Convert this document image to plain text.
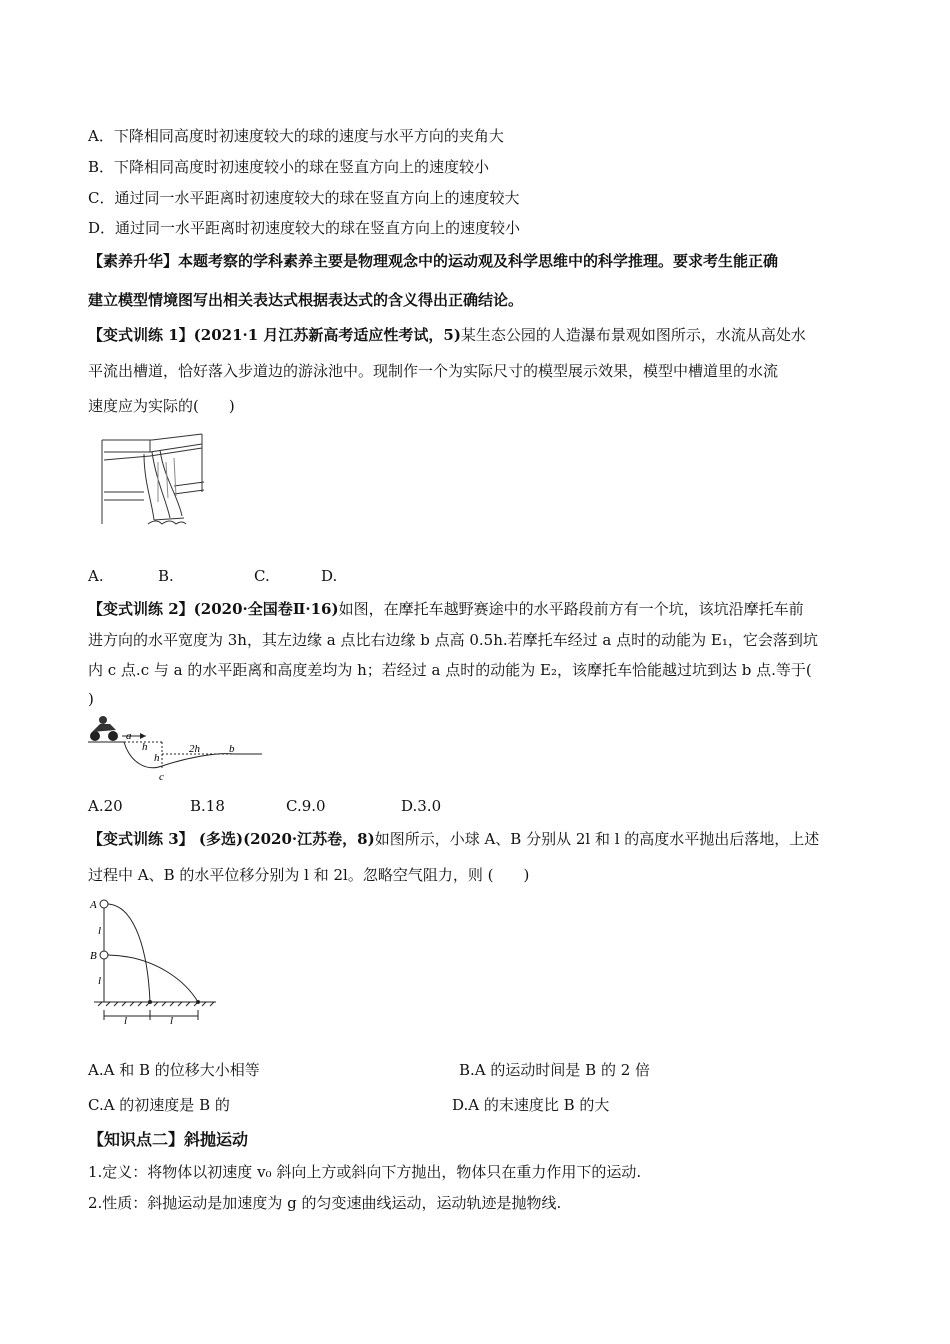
A．下降相同高度时初速度较大的球的速度与水平方向的夹角大
B．下降相同高度时初速度较小的球在竖直方向上的速度较小
C．通过同一水平距离时初速度较大的球在竖直方向上的速度较大
D．通过同一水平距离时初速度较大的球在竖直方向上的速度较小
【素养升华】本题考察的学科素养主要是物理观念中的运动观及科学思维中的科学推理。要求考生能正确
建立模型情境图写出相关表达式根据表达式的含义得出正确结论。
【变式训练 1】(2021·1 月江苏新高考适应性考试，5)某生态公园的人造瀑布景观如图所示，水流从高处水
平流出槽道，恰好落入步道边的游泳池中。现制作一个为实际尺寸的模型展示效果，模型中槽道里的水流
速度应为实际的(　　)
A.	B.	C.	D.
【变式训练 2】(2020·全国卷Ⅱ·16)如图，在摩托车越野赛途中的水平路段前方有一个坑，该坑沿摩托车前
进方向的水平宽度为 3h，其左边缘 a 点比右边缘 b 点高 0.5h.若摩托车经过 a 点时的动能为 E₁，它会落到坑
内 c 点.c 与 a 的水平距离和高度差均为 h；若经过 a 点时的动能为 E₂，该摩托车恰能越过坑到达 b 点.等于(
)
a
h
h
2h	b
c
A.20	B.18	C.9.0	D.3.0
【变式训练 3】 (多选)(2020·江苏卷，8)如图所示，小球 A、B 分别从 2l 和 l 的高度水平抛出后落地，上述
过程中 A、B 的水平位移分别为 l 和 2l。忽略空气阻力，则 (　　)
A
B
l
l
l	l
A.A 和 B 的位移大小相等	B.A 的运动时间是 B 的 2 倍
C.A 的初速度是 B 的	D.A 的末速度比 B 的大
【知识点二】斜抛运动
1.定义：将物体以初速度 v₀ 斜向上方或斜向下方抛出，物体只在重力作用下的运动.
2.性质：斜抛运动是加速度为 g 的匀变速曲线运动，运动轨迹是抛物线.
